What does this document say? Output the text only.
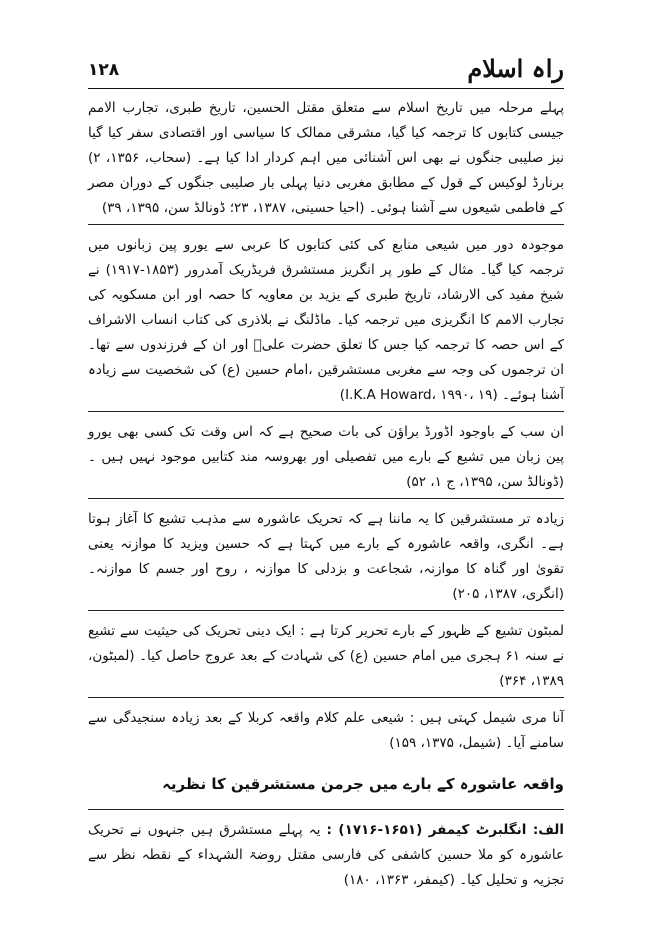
راہ اسلام
۱۲۸

پہلے مرحلہ میں تاریخ اسلام سے متعلق مقتل الحسین، تاریخ طبری، تجارب الامم جیسی کتابوں کا ترجمہ کیا گیا، مشرقی ممالک کا سیاسی اور اقتصادی سفر کیا گیا نیز صلیبی جنگوں نے بھی اس آشنائی میں اہم کردار ادا کیا ہے۔ (سحاب، ۱۳۵۶، ۲) برنارڈ لوکیس کے قول کے مطابق مغربی دنیا پہلی بار صلیبی جنگوں کے دوران مصر کے فاطمی شیعوں سے آشنا ہوئی۔ (احیا حسینی، ۱۳۸۷، ۲۳؛ ڈونالڈ سن، ۱۳۹۵، ۳۹)

موجودہ دور میں شیعی منابع کی کئی کتابوں کا عربی سے یورو پین زبانوں میں ترجمہ کیا گیا۔ مثال کے طور پر انگریز مستشرق فریڈریک آمدرور (۱۸۵۳-۱۹۱۷) نے شیخ مفید کی الارشاد، تاریخ طبری کے یزید بن معاویہ کا حصہ اور ابن مسکویہ کی تجارب الامم کا انگریزی میں ترجمہ کیا۔ ماڈلنگ نے بلاذری کی کتاب انساب الاشراف کے اس حصہ کا ترجمہ کیا جس کا تعلق حضرت علیؑ اور ان کے فرزندوں سے تھا۔ ان ترجموں کی وجہ سے مغربی مستشرقین ،امام حسین (ع) کی شخصیت سے زیادہ آشنا ہوئے۔ (I.K.A Howard، ۱۹۹۰، ۱۹)

ان سب کے باوجود اڈورڈ براؤن کی بات صحیح ہے کہ اس وقت تک کسی بھی یورو پین زبان میں تشیع کے بارے میں تفصیلی اور بھروسہ مند کتابیں موجود نہیں ہیں ۔ (ڈونالڈ سن، ۱۳۹۵، ج ۱، ۵۲)

زیادہ تر مستشرقین کا یہ ماننا ہے کہ تحریک عاشورہ سے مذہب تشیع کا آغاز ہوتا ہے۔ انگری، واقعہ عاشورہ کے بارے میں کہتا ہے کہ حسین ویزید کا موازنہ یعنی تقویٰ اور گناہ کا موازنہ، شجاعت و بزدلی کا موازنہ ، روح اور جسم کا موازنہ۔ (انگری، ۱۳۸۷، ۲۰۵)

لمبٹون تشیع کے ظہور کے بارے تحریر کرتا ہے : ایک دینی تحریک کی حیثیت سے تشیع نے سنہ ۶۱ ہجری میں امام حسین (ع) کی شہادت کے بعد عروج حاصل کیا۔ (لمبٹون، ۱۳۸۹، ۳۶۴)

آنا مری شیمل کہتی ہیں : شیعی علم کلام واقعہ کربلا کے بعد زیادہ سنجیدگی سے سامنے آیا۔ (شیمل، ۱۳۷۵، ۱۵۹)

واقعہ عاشورہ کے بارے میں جرمن مستشرقین کا نظریہ

الف: انگلبرٹ کیمفر (۱۶۵۱-۱۷۱۶) : یہ پہلے مستشرق ہیں جنہوں نے تحریک عاشورہ کو ملا حسین کاشفی کی فارسی مقتل روضۃ الشہداء کے نقطہ نظر سے تجزیہ و تحلیل کیا۔ (کیمفر، ۱۳۶۳، ۱۸۰)
